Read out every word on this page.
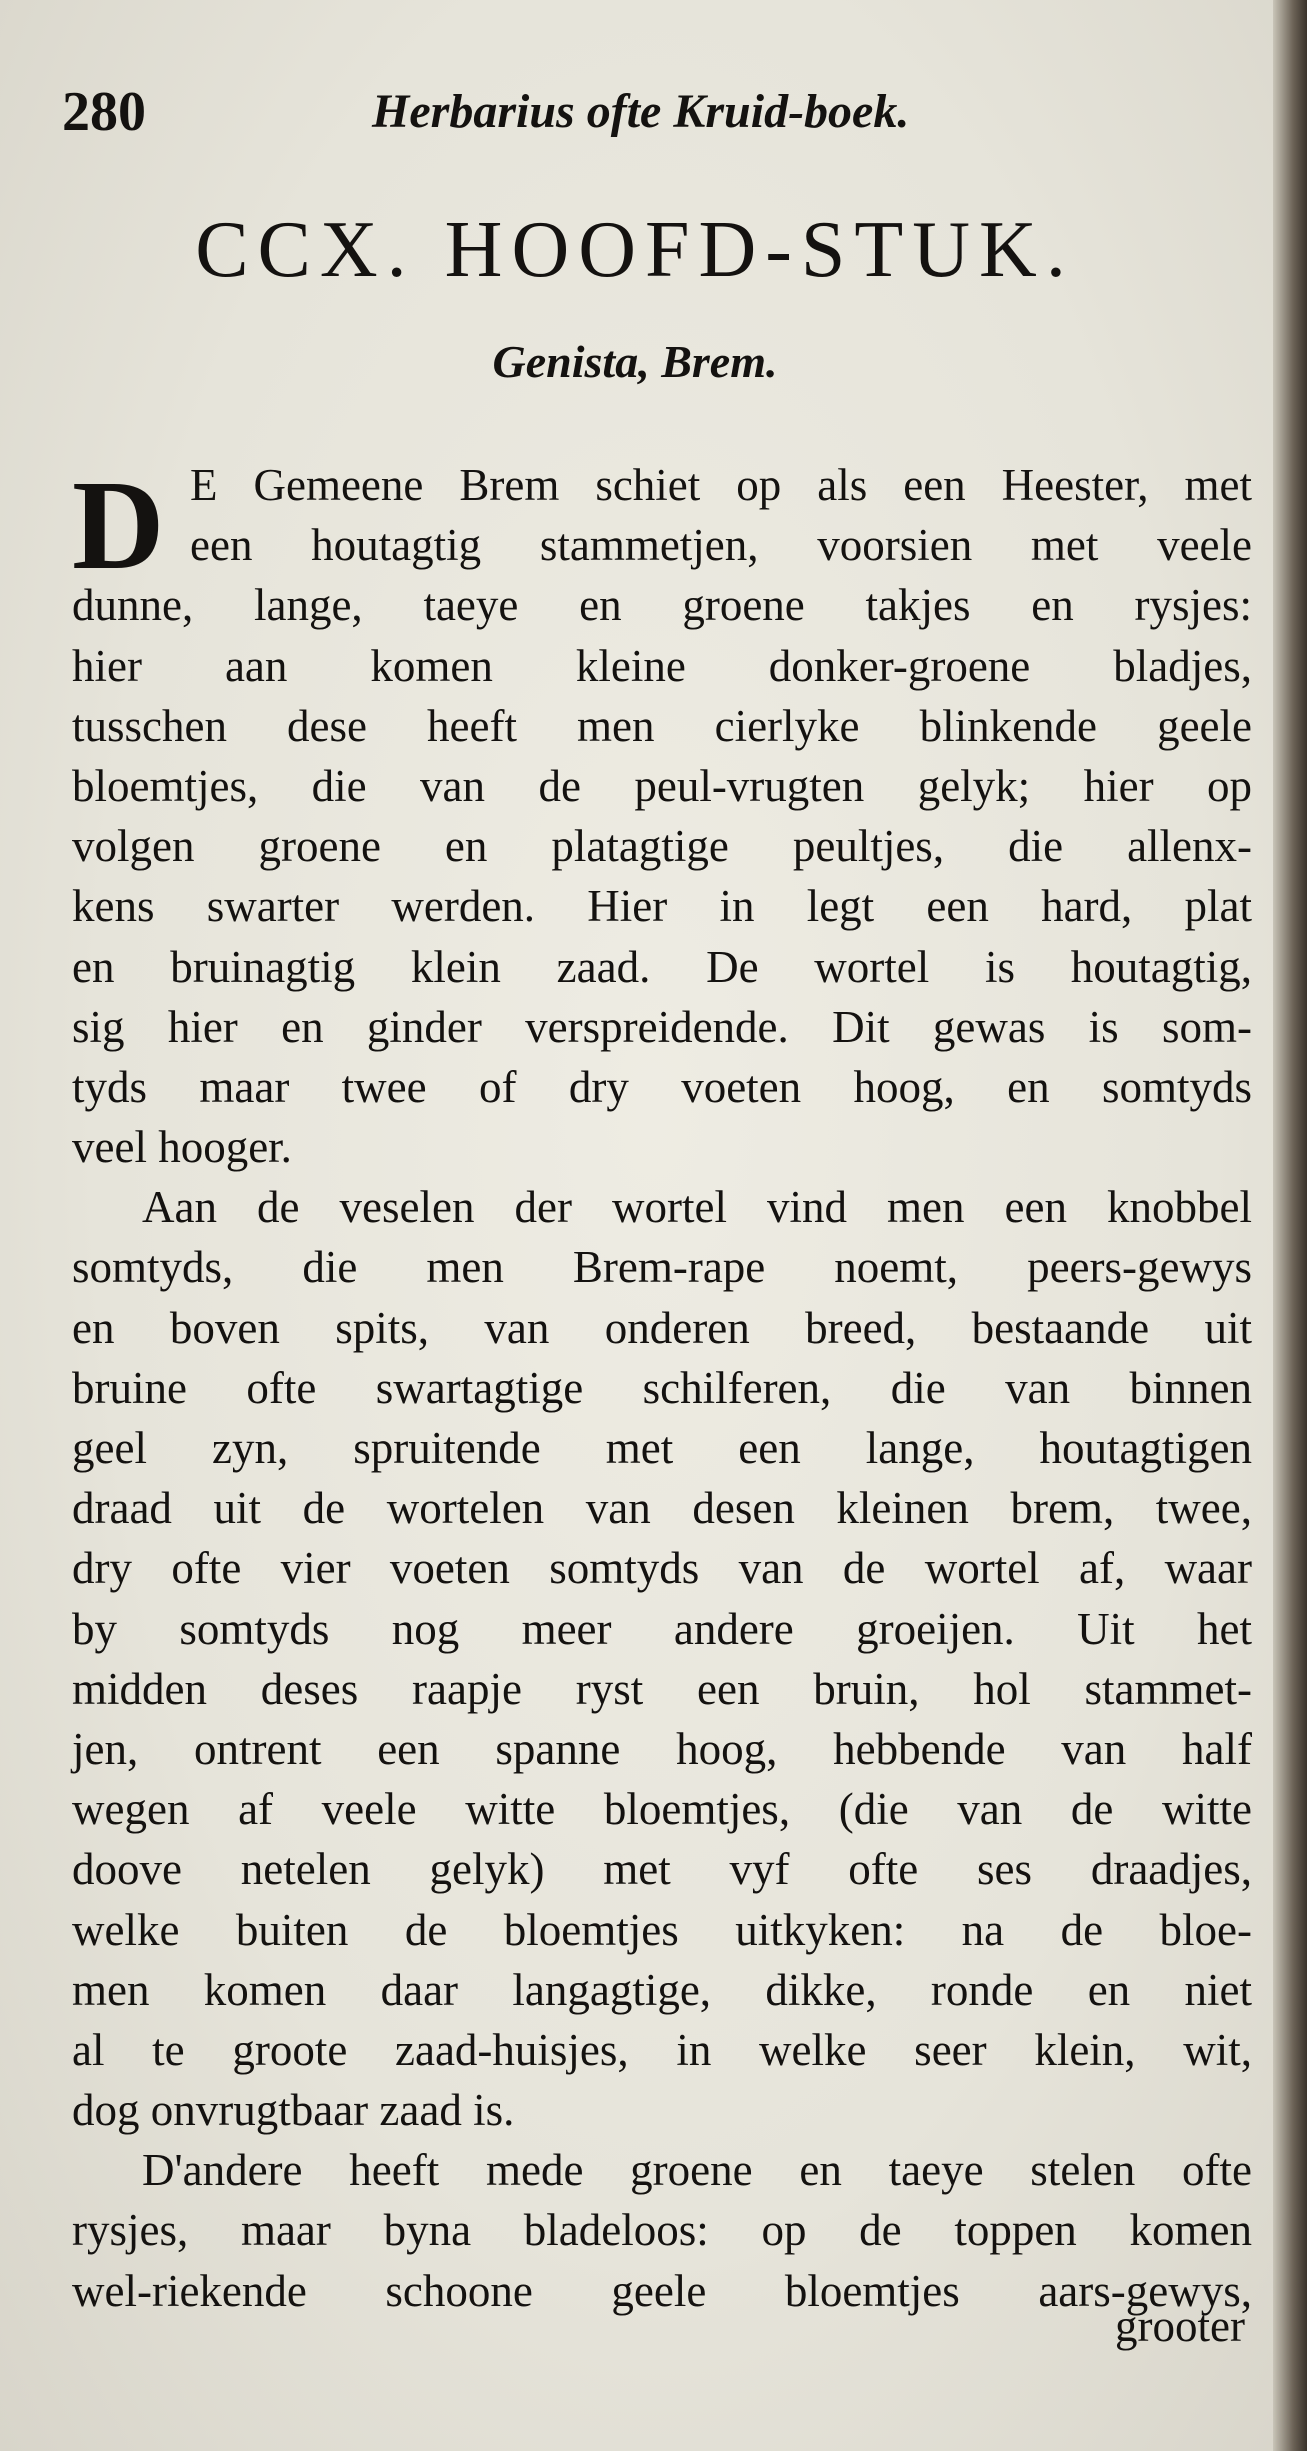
280	Herbarius ofte Kruid-boek.
CCX. HOOFD-STUK.
Genista, Brem.
D E Gemeene Brem schiet op als een Heester, met
een houtagtig stammetjen, voorsien met veele
dunne, lange, taeye en groene takjes en rysjes:
hier aan komen kleine donker-groene bladjes,
tusschen dese heeft men cierlyke blinkende geele
bloemtjes, die van de peul-vrugten gelyk; hier op
volgen groene en platagtige peultjes, die allenx-
kens swarter werden. Hier in legt een hard, plat
en bruinagtig klein zaad. De wortel is houtagtig,
sig hier en ginder verspreidende. Dit gewas is som-
tyds maar twee of dry voeten hoog, en somtyds
veel hooger.
Aan de veselen der wortel vind men een knobbel
somtyds, die men Brem-rape noemt, peers-gewys
en boven spits, van onderen breed, bestaande uit
bruine ofte swartagtige schilferen, die van binnen
geel zyn, spruitende met een lange, houtagtigen
draad uit de wortelen van desen kleinen brem, twee,
dry ofte vier voeten somtyds van de wortel af, waar
by somtyds nog meer andere groeijen. Uit het
midden deses raapje ryst een bruin, hol stammet-
jen, ontrent een spanne hoog, hebbende van half
wegen af veele witte bloemtjes, (die van de witte
doove netelen gelyk) met vyf ofte ses draadjes,
welke buiten de bloemtjes uitkyken: na de bloe-
men komen daar langagtige, dikke, ronde en niet
al te groote zaad-huisjes, in welke seer klein, wit,
dog onvrugtbaar zaad is.
D'andere heeft mede groene en taeye stelen ofte
rysjes, maar byna bladeloos: op de toppen komen
wel-riekende schoone geele bloemtjes aars-gewys,
grooter
